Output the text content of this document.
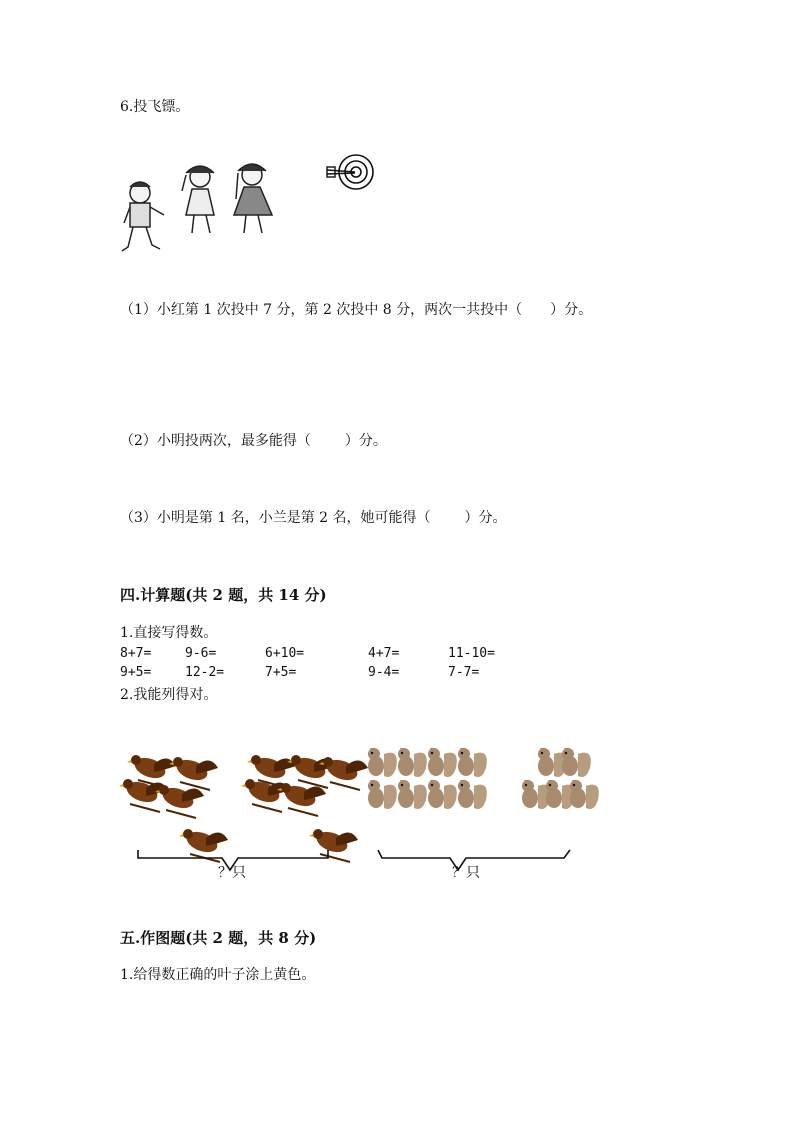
6.投飞镖。
（1）小红第 1 次投中 7 分，第 2 次投中 8 分，两次一共投中（ ）分。
（2）小明投两次，最多能得（ ）分。
（3）小明是第 1 名，小兰是第 2 名，她可能得（ ）分。
四.计算题(共 2 题，共 14 分)
1.直接写得数。
8+7=	9-6=	6+10=	4+7=	11-10=
9+5=	12-2=	7+5=	9-4=	7-7=
2.我能列得对。
？只	？只
五.作图题(共 2 题，共 8 分)
1.给得数正确的叶子涂上黄色。
